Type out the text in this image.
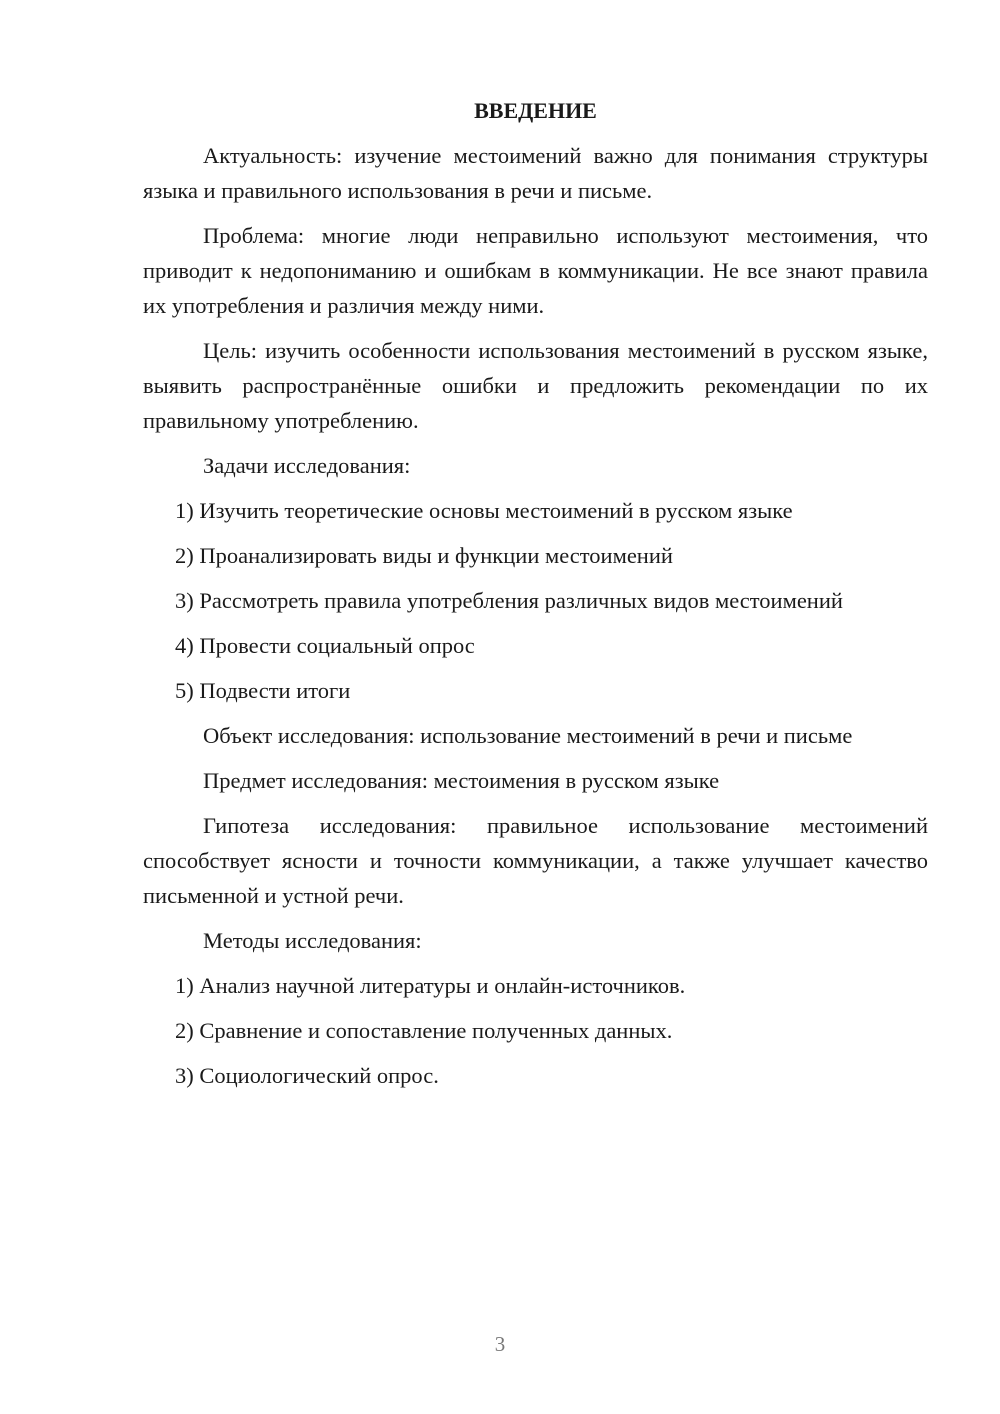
ВВЕДЕНИЕ

Актуальность: изучение местоимений важно для понимания структуры языка и правильного использования в речи и письме.

Проблема: многие люди неправильно используют местоимения, что приводит к недопониманию и ошибкам в коммуникации. Не все знают правила их употребления и различия между ними.

Цель: изучить особенности использования местоимений в русском языке, выявить распространённые ошибки и предложить рекомендации по их правильному употреблению.

Задачи исследования:

1) Изучить теоретические основы местоимений в русском языке

2) Проанализировать виды и функции местоимений

3) Рассмотреть правила употребления различных видов местоимений

4) Провести социальный опрос

5) Подвести итоги

Объект исследования: использование местоимений в речи и письме

Предмет исследования: местоимения в русском языке

Гипотеза исследования: правильное использование местоимений способствует ясности и точности коммуникации, а также улучшает качество письменной и устной речи.

Методы исследования:

1) Анализ научной литературы и онлайн-источников.

2) Сравнение и сопоставление полученных данных.

3) Социологический опрос.

3
